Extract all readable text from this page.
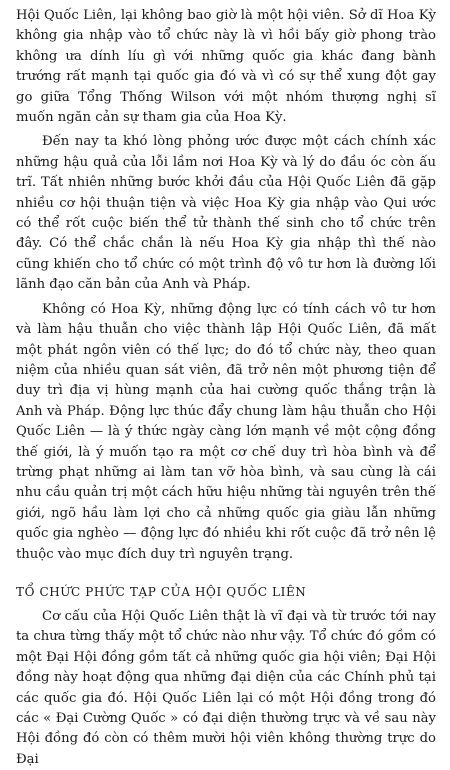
Hội Quốc Liên, lại không bao giờ là một hội viên. Sở dĩ Hoa Kỳ không gia nhập vào tổ chức này là vì hồi bấy giờ phong trào không ưa dính líu gì với những quốc gia khác đang bành trướng rất mạnh tại quốc gia đó và vì có sự thể xung đột gay go giữa Tổng Thống Wilson với một nhóm thượng nghị sĩ muốn ngăn cản sự tham gia của Hoa Kỳ.

Đến nay ta khó lòng phỏng ước được một cách chính xác những hậu quả của lỗi lầm nơi Hoa Kỳ và lý do đầu óc còn ấu trĩ. Tất nhiên những bước khởi đầu của Hội Quốc Liên đã gặp nhiều cơ hội thuận tiện và việc Hoa Kỳ gia nhập vào Qui ước có thể rốt cuộc biến thể tử thành thế sinh cho tổ chức trên đây. Có thể chắc chắn là nếu Hoa Kỳ gia nhập thì thế nào cũng khiến cho tổ chức có một trình độ vô tư hơn là đường lối lãnh đạo căn bản của Anh và Pháp.

Không có Hoa Kỳ, những động lực có tính cách vô tư hơn và làm hậu thuẫn cho việc thành lập Hội Quốc Liên, đã mất một phát ngôn viên có thế lực; do đó tổ chức này, theo quan niệm của nhiều quan sát viên, đã trở nên một phương tiện để duy trì địa vị hùng mạnh của hai cường quốc thắng trận là Anh và Pháp. Động lực thúc đẩy chung làm hậu thuẫn cho Hội Quốc Liên — là ý thức ngày càng lớn mạnh về một cộng đồng thế giới, là ý muốn tạo ra một cơ chế duy trì hòa bình và để trừng phạt những ai làm tan vỡ hòa bình, và sau cùng là cái nhu cầu quản trị một cách hữu hiệu những tài nguyên trên thế giới, ngõ hầu làm lợi cho cả những quốc gia giàu lẫn những quốc gia nghèo — động lực đó nhiều khi rốt cuộc đã trở nên lệ thuộc vào mục đích duy trì nguyên trạng.

TỔ CHỨC PHỨC TẠP CỦA HỘI QUỐC LIÊN

Cơ cấu của Hội Quốc Liên thật là vĩ đại và từ trước tới nay ta chưa từng thấy một tổ chức nào như vậy. Tổ chức đó gồm có một Đại Hội đồng gồm tất cả những quốc gia hội viên; Đại Hội đồng này hoạt động qua những đại diện của các Chính phủ tại các quốc gia đó. Hội Quốc Liên lại có một Hội đồng trong đó các « Đại Cường Quốc » có đại diện thường trực và về sau này Hội đồng đó còn có thêm mười hội viên không thường trực do Đại
